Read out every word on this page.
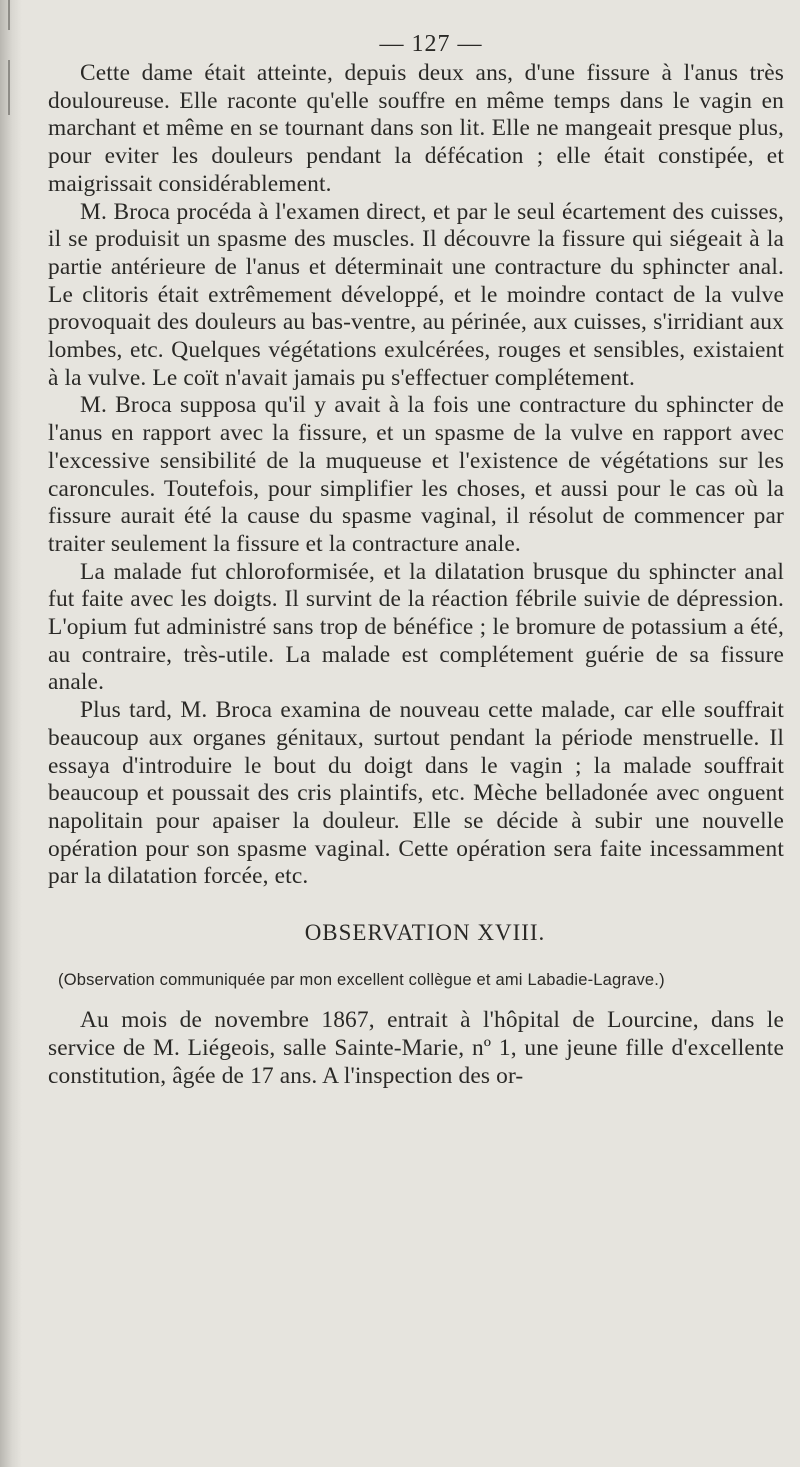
— 127 —

Cette dame était atteinte, depuis deux ans, d'une fissure à l'anus très douloureuse. Elle raconte qu'elle souffre en même temps dans le vagin en marchant et même en se tournant dans son lit. Elle ne mangeait presque plus, pour eviter les douleurs pendant la défécation ; elle était constipée, et maigrissait considérablement.

M. Broca procéda à l'examen direct, et par le seul écartement des cuisses, il se produisit un spasme des muscles. Il découvre la fissure qui siégeait à la partie antérieure de l'anus et déterminait une contracture du sphincter anal. Le clitoris était extrêmement développé, et le moindre contact de la vulve provoquait des douleurs au bas-ventre, au périnée, aux cuisses, s'irridiant aux lombes, etc. Quelques végétations exulcérées, rouges et sensibles, existaient à la vulve. Le coït n'avait jamais pu s'effectuer complétement.

M. Broca supposa qu'il y avait à la fois une contracture du sphincter de l'anus en rapport avec la fissure, et un spasme de la vulve en rapport avec l'excessive sensibilité de la muqueuse et l'existence de végétations sur les caroncules. Toutefois, pour simplifier les choses, et aussi pour le cas où la fissure aurait été la cause du spasme vaginal, il résolut de commencer par traiter seulement la fissure et la contracture anale.

La malade fut chloroformisée, et la dilatation brusque du sphincter anal fut faite avec les doigts. Il survint de la réaction fébrile suivie de dépression. L'opium fut administré sans trop de bénéfice ; le bromure de potassium a été, au contraire, très-utile. La malade est complétement guérie de sa fissure anale.

Plus tard, M. Broca examina de nouveau cette malade, car elle souffrait beaucoup aux organes génitaux, surtout pendant la période menstruelle. Il essaya d'introduire le bout du doigt dans le vagin ; la malade souffrait beaucoup et poussait des cris plaintifs, etc. Mèche belladonée avec onguent napolitain pour apaiser la douleur. Elle se décide à subir une nouvelle opération pour son spasme vaginal. Cette opération sera faite incessamment par la dilatation forcée, etc.

OBSERVATION XVIII.
(Observation communiquée par mon excellent collègue et ami Labadie-Lagrave.)

Au mois de novembre 1867, entrait à l'hôpital de Lourcine, dans le service de M. Liégeois, salle Sainte-Marie, nº 1, une jeune fille d'excellente constitution, âgée de 17 ans. A l'inspection des or-
